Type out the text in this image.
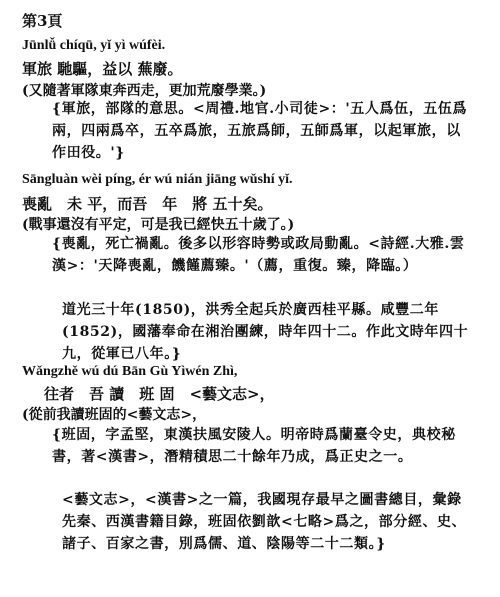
第3頁
Jūnlǚ chíqū, yǐ yì wúfèi.
軍旅 馳驅，益以 蕪廢。
(又隨著軍隊東奔西走，更加荒廢學業。)

{軍旅，部隊的意思。<周禮.地官.小司徒>：'五人爲伍，五伍爲兩，四兩爲卒，五卒爲旅，五旅爲師，五師爲軍，以起軍旅，以作田役。'}

Sāngluàn wèi píng, ér wú nián jiāng wǔshí yǐ.
喪亂　未 平，而吾　年　將 五十矣。
(戰事還沒有平定，可是我已經快五十歲了。)

{喪亂，死亡禍亂。後多以形容時勢或政局動亂。<詩經.大雅.雲漢>：'天降喪亂，饑饉薦臻。'（薦，重復。臻，降臨。）

道光三十年(1850)，洪秀全起兵於廣西桂平縣。咸豐二年(1852)，國藩奉命在湘治團練，時年四十二。作此文時年四十九，從軍已八年。}

Wǎngzhě wú dú Bān Gù Yìwén Zhì,
往者　吾 讀　班 固　<藝文志>，
(從前我讀班固的<藝文志>，

{班固，字孟堅，東漢扶風安陵人。明帝時爲蘭臺令史，典校秘書，著<漢書>，潛精積思二十餘年乃成，爲正史之一。

<藝文志>，<漢書>之一篇，我國現存最早之圖書總目，彙錄先秦、西漢書籍目錄，班固依劉歆<七略>爲之，部分經、史、諸子、百家之書，別爲儒、道、陰陽等二十二類。}
